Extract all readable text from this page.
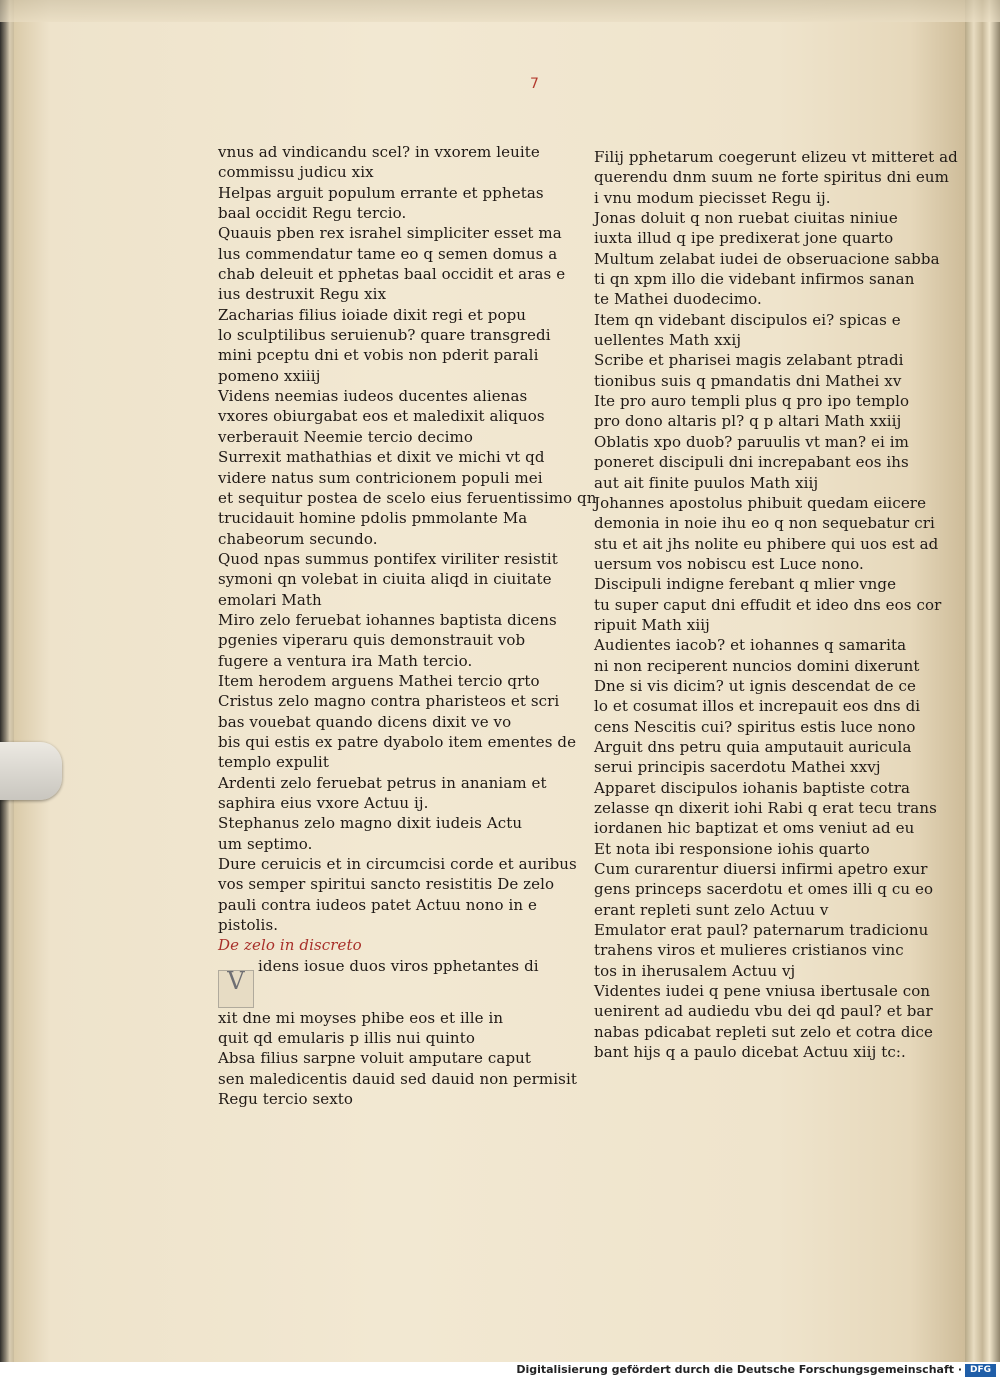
7

vnus ad vindicandu scel? in vxorem leuite

commissu judicu xix

Helpas arguit populum errante et pphetas

baal occidit Regu tercio.

Quauis pben rex israhel simpliciter esset ma

lus commendatur tame eo q semen domus a

chab deleuit et pphetas baal occidit et aras e

ius destruxit Regu xix

Zacharias filius ioiade dixit regi et popu

lo sculptilibus seruienub? quare transgredi

mini pceptu dni et vobis non pderit parali

pomeno xxiiij

Videns neemias iudeos ducentes alienas

vxores obiurgabat eos et maledixit aliquos

verberauit Neemie tercio decimo

Surrexit mathathias et dixit ve michi vt qd

videre natus sum contricionem populi mei

et sequitur postea de scelo eius feruentissimo qn

trucidauit homine pdolis pmmolante Ma

chabeorum secundo.

Quod npas summus pontifex viriliter resistit

symoni qn volebat in ciuita aliqd in ciuitate

emolari Math

Miro zelo feruebat iohannes baptista dicens

pgenies viperaru quis demonstrauit vob

fugere a ventura ira Math tercio.

Item herodem arguens Mathei tercio qrto

Cristus zelo magno contra pharisteos et scri

bas vouebat quando dicens dixit ve vo

bis qui estis ex patre dyabolo item ementes de

templo expulit

Ardenti zelo feruebat petrus in ananiam et

saphira eius vxore Actuu ij.

Stephanus zelo magno dixit iudeis Actu

um septimo.

Dure ceruicis et in circumcisi corde et auribus

vos semper spiritui sancto resistitis De zelo

pauli contra iudeos patet Actuu nono in e

pistolis.

De zelo in discreto

Videns iosue duos viros pphetantes di

xit dne mi moyses phibe eos et ille in

quit qd emularis p illis nui quinto

Absa filius sarpne voluit amputare caput

sen maledicentis dauid sed dauid non permisit

Regu tercio sexto

Filij pphetarum coegerunt elizeu vt mitteret ad

querendu dnm suum ne forte spiritus dni eum

i vnu modum piecisset Regu ij.

Jonas doluit q non ruebat ciuitas niniue

iuxta illud q ipe predixerat jone quarto

Multum zelabat iudei de obseruacione sabba

ti qn xpm illo die videbant infirmos sanan

te Mathei duodecimo.

Item qn videbant discipulos ei? spicas e

uellentes Math xxij

Scribe et pharisei magis zelabant ptradi

tionibus suis q pmandatis dni Mathei xv

Ite pro auro templi plus q pro ipo templo

pro dono altaris pl? q p altari Math xxiij

Oblatis xpo duob? paruulis vt man? ei im

poneret discipuli dni increpabant eos ihs

aut ait finite puulos Math xiij

Johannes apostolus phibuit quedam eiicere

demonia in noie ihu eo q non sequebatur cri

stu et ait jhs nolite eu phibere qui uos est ad

uersum vos nobiscu est Luce nono.

Discipuli indigne ferebant q mlier vnge

tu super caput dni effudit et ideo dns eos cor

ripuit Math xiij

Audientes iacob? et iohannes q samarita

ni non reciperent nuncios domini dixerunt

Dne si vis dicim? ut ignis descendat de ce

lo et cosumat illos et increpauit eos dns di

cens Nescitis cui? spiritus estis luce nono

Arguit dns petru quia amputauit auricula

serui principis sacerdotu Mathei xxvj

Apparet discipulos iohanis baptiste cotra

zelasse qn dixerit iohi Rabi q erat tecu trans

iordanen hic baptizat et oms veniut ad eu

Et nota ibi responsione iohis quarto

Cum curarentur diuersi infirmi apetro exur

gens princeps sacerdotu et omes illi q cu eo

erant repleti sunt zelo Actuu v

Emulator erat paul? paternarum tradicionu

trahens viros et mulieres cristianos vinc

tos in iherusalem Actuu vj

Videntes iudei q pene vniusa ibertusale con

uenirent ad audiedu vbu dei qd paul? et bar

nabas pdicabat repleti sut zelo et cotra dice

bant hijs q a paulo dicebat Actuu xiij tc:.

Digitalisierung gefördert durch die Deutsche Forschungsgemeinschaft · DFG
